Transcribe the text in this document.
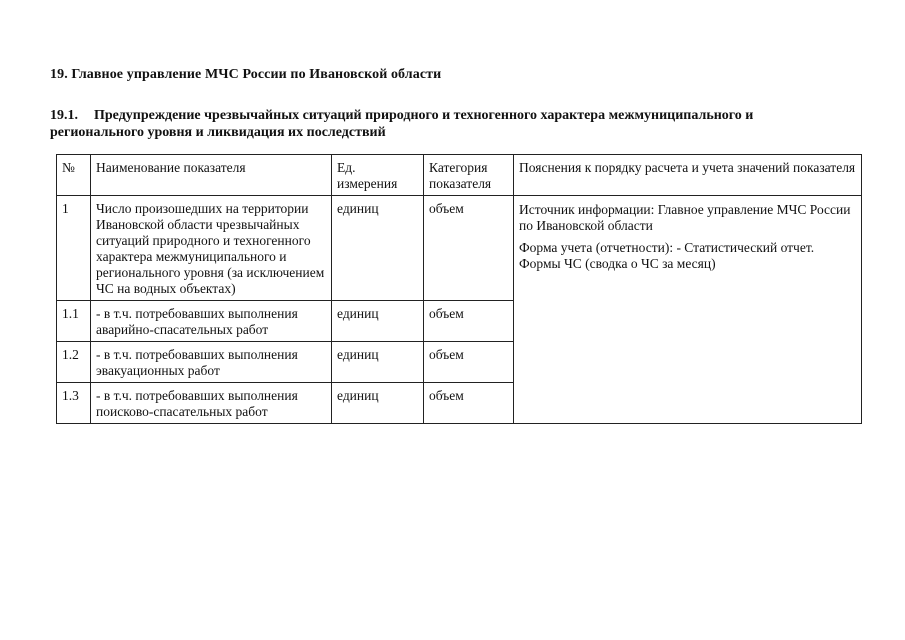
19. Главное управление МЧС России по Ивановской области
19.1. Предупреждение чрезвычайных ситуаций природного и техногенного характера межмуниципального и регионального уровня и ликвидация их последствий
№	Наименование показателя	Ед. измерения	Категория показателя	Пояснения к порядку расчета и учета значений показателя
1	Число произошедших на территории Ивановской области чрезвычайных ситуаций природного и техногенного характера межмуниципального и регионального уровня (за исключением ЧС на водных объектах)	единиц	объем	Источник информации: Главное управление МЧС России по Ивановской области

Форма учета (отчетности): - Статистический отчет. Формы ЧС (сводка о ЧС за месяц)

1.1	- в т.ч. потребовавших выполнения аварийно-спасательных работ	единиц	объем	
1.2	- в т.ч. потребовавших выполнения эвакуационных работ	единиц	объем	
1.3	- в т.ч. потребовавших выполнения поисково-спасательных работ	единиц	объем	
